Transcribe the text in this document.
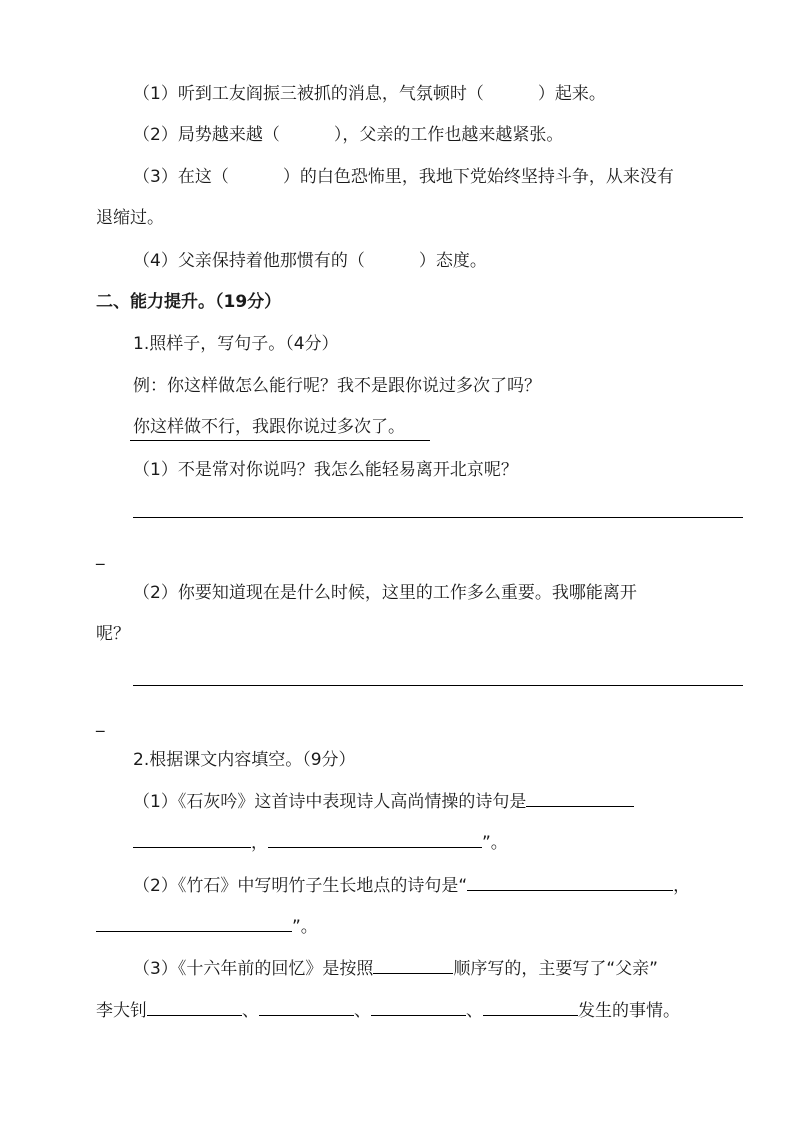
（1）听到工友阎振三被抓的消息，气氛顿时（	）起来。
（2）局势越来越（	），父亲的工作也越来越紧张。
（3）在这（	）的白色恐怖里，我地下党始终坚持斗争，从来没有
退缩过。
（4）父亲保持着他那惯有的（	）态度。
二、能力提升。（19分）
1.照样子，写句子。（4分）
例：你这样做怎么能行呢？我不是跟你说过多次了吗？
你这样做不行，我跟你说过多次了。
（1）不是常对你说吗？我怎么能轻易离开北京呢？
_
（2）你要知道现在是什么时候，这里的工作多么重要。我哪能离开
呢？
_
2.根据课文内容填空。（9分）
（1）《石灰吟》这首诗中表现诗人高尚情操的诗句是
，	”。
（2）《竹石》中写明竹子生长地点的诗句是“	，
”。
（3）《十六年前的回忆》是按照	顺序写的，主要写了“父亲”
李大钊	、	、	、	发生的事情。
